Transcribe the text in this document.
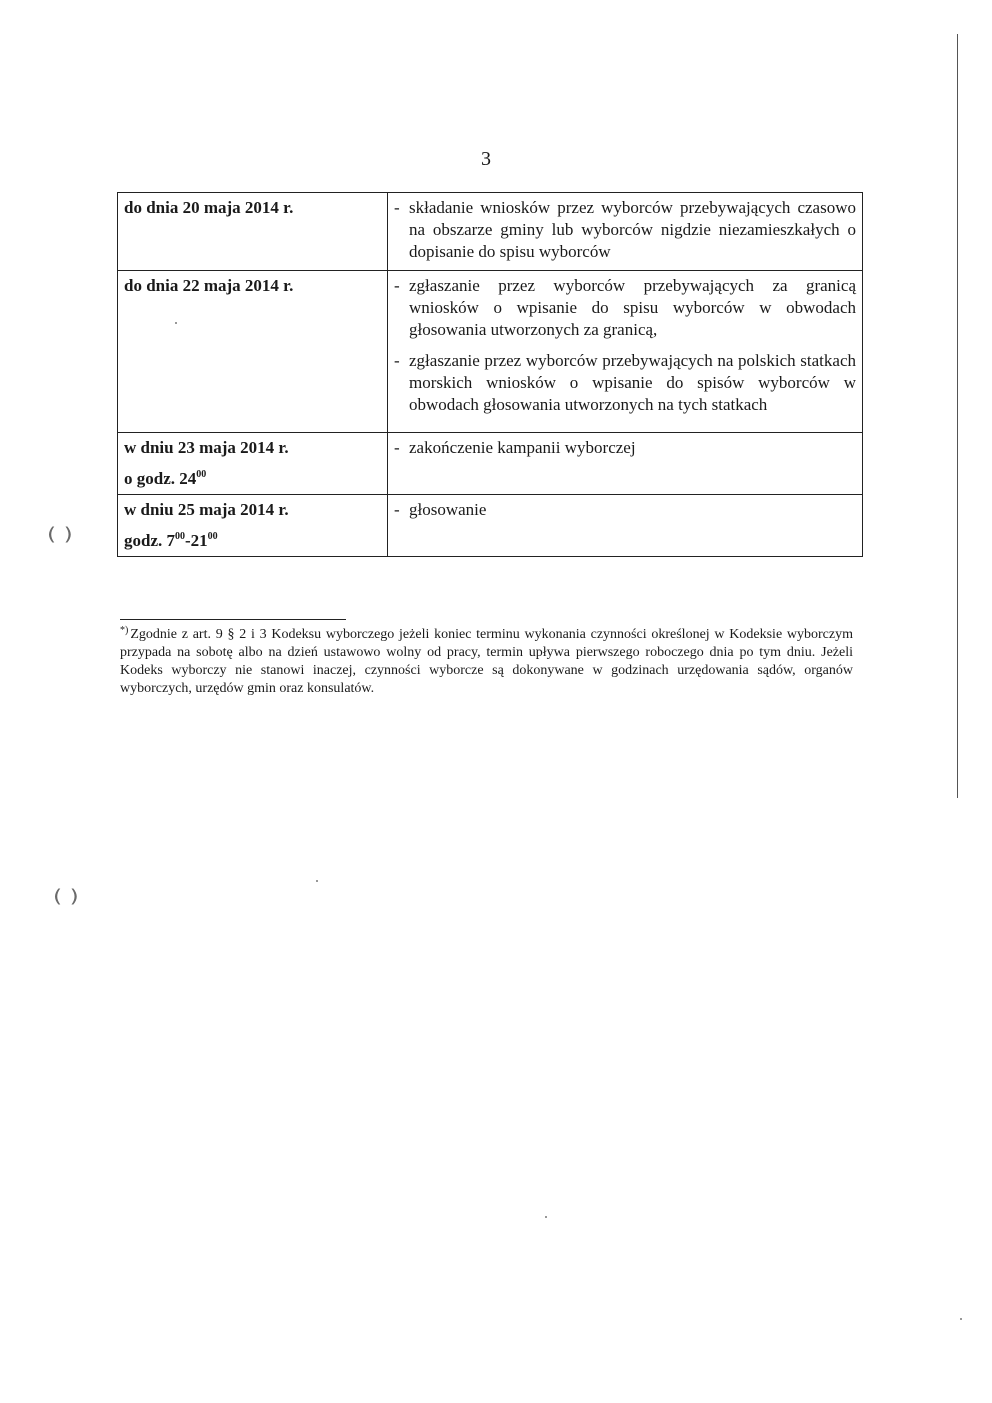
3
do dnia 20 maja 2014 r.	- składanie wniosków przez wyborców przebywających czasowo na obszarze gminy lub wyborców nigdzie niezamieszkałych o dopisanie do spisu wyborców

do dnia 22 maja 2014 r.	- zgłaszanie przez wyborców przebywających za granicą wniosków o wpisanie do spisu wyborców w obwodach głosowania utworzonych za granicą,
- zgłaszanie przez wyborców przebywających na polskich statkach morskich wniosków o wpisanie do spisów wyborców w obwodach głosowania utworzonych na tych statkach

w dniu 23 maja 2014 r.
o godz. $24^{00}$	- zakończenie kampanii wyborczej

w dniu 25 maja 2014 r.
godz. $7^{00}-21^{00}$	- głosowanie
*) Zgodnie z art. 9 § 2 i 3 Kodeksu wyborczego jeżeli koniec terminu wykonania czynności określonej w Kodeksie wyborczym przypada na sobotę albo na dzień ustawowo wolny od pracy, termin upływa pierwszego roboczego dnia po tym dniu. Jeżeli Kodeks wyborczy nie stanowi inaczej, czynności wyborcze są dokonywane w godzinach urzędowania sądów, organów wyborczych, urzędów gmin oraz konsulatów.
( )
( )
